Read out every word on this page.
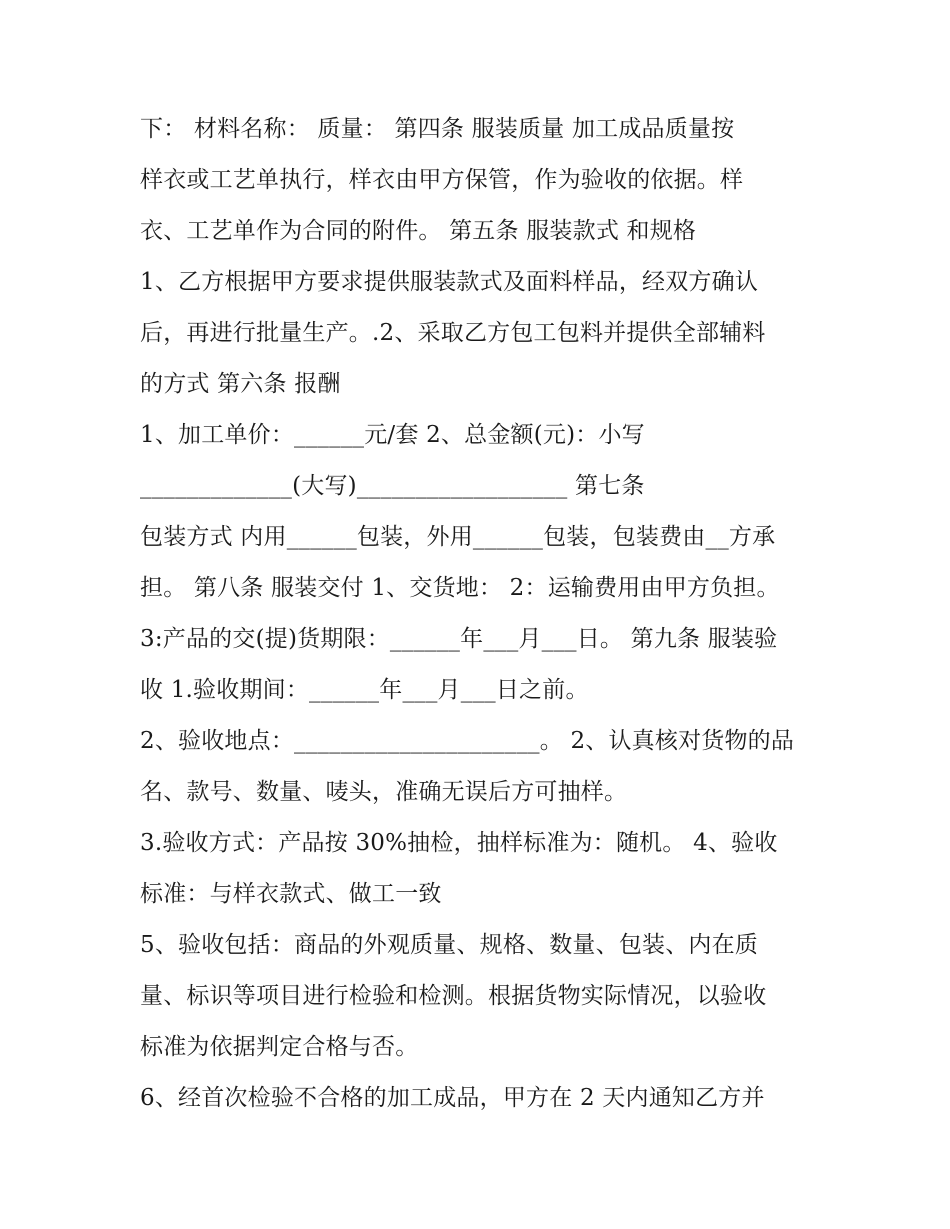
下： 材料名称： 质量： 第四条 服装质量 加工成品质量按
样衣或工艺单执行，样衣由甲方保管，作为验收的依据。样
衣、工艺单作为合同的附件。 第五条 服装款式 和规格
1、乙方根据甲方要求提供服装款式及面料样品，经双方确认
后，再进行批量生产。.2、采取乙方包工包料并提供全部辅料
的方式 第六条 报酬
1、加工单价：______元/套 2、总金额(元)：小写
_____________(大写)__________________ 第七条
包装方式 内用______包装，外用______包装，包装费由__方承
担。 第八条 服装交付 1、交货地： 2：运输费用由甲方负担。
3:产品的交(提)货期限：______年___月___日。 第九条 服装验
收 1.验收期间：______年___月___日之前。
2、验收地点：_____________________。 2、认真核对货物的品
名、款号、数量、唛头，准确无误后方可抽样。
3.验收方式：产品按 30%抽检，抽样标准为：随机。 4、验收
标准：与样衣款式、做工一致
5、验收包括：商品的外观质量、规格、数量、包装、内在质
量、标识等项目进行检验和检测。根据货物实际情况，以验收
标准为依据判定合格与否。
6、经首次检验不合格的加工成品，甲方在 2 天内通知乙方并
